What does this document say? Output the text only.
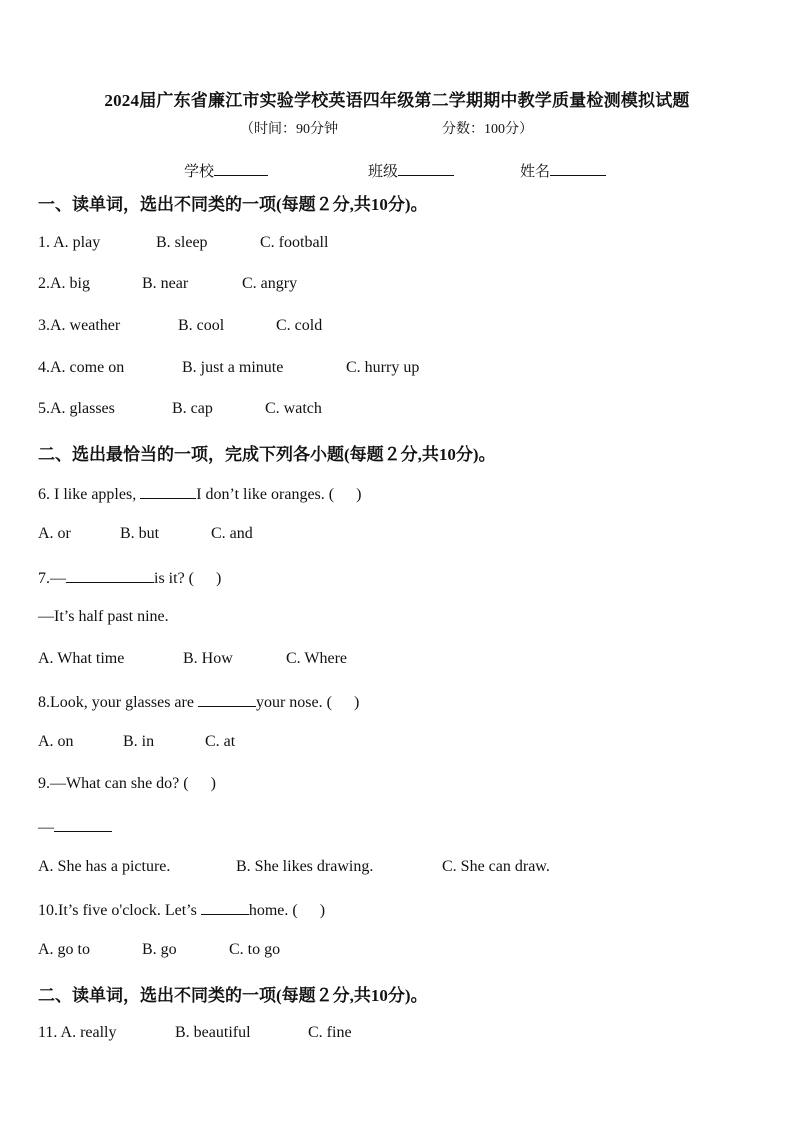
2024届广东省廉江市实验学校英语四年级第二学期期中教学质量检测模拟试题
（时间：90分钟	分数：100分）
学校	班级	姓名
一、读单词，选出不同类的一项(每题２分,共10分)。
1. A. play	B. sleep	C. football
2.A. big	B. near	C. angry
3.A. weather	B. cool	C. cold
4.A. come on	B. just a minute	C. hurry up
5.A. glasses	B. cap	C. watch
二、选出最恰当的一项，完成下列各小题(每题２分,共10分)。
6. I like apples,	I don’t like oranges. ( )
A. or	B. but	C. and
7.—	is it? ( )
—It’s half past nine.
A. What time	B. How	C. Where
8.Look, your glasses are	your nose. ( )
A. on	B. in	C. at
9.—What can she do? ( )
—
A. She has a picture.	B. She likes drawing.	C. She can draw.
10.It’s five o'clock. Let’s	home. ( )
A. go to	B. go	C. to go
二、读单词，选出不同类的一项(每题２分,共10分)。
11. A. really	B. beautiful	C. fine
